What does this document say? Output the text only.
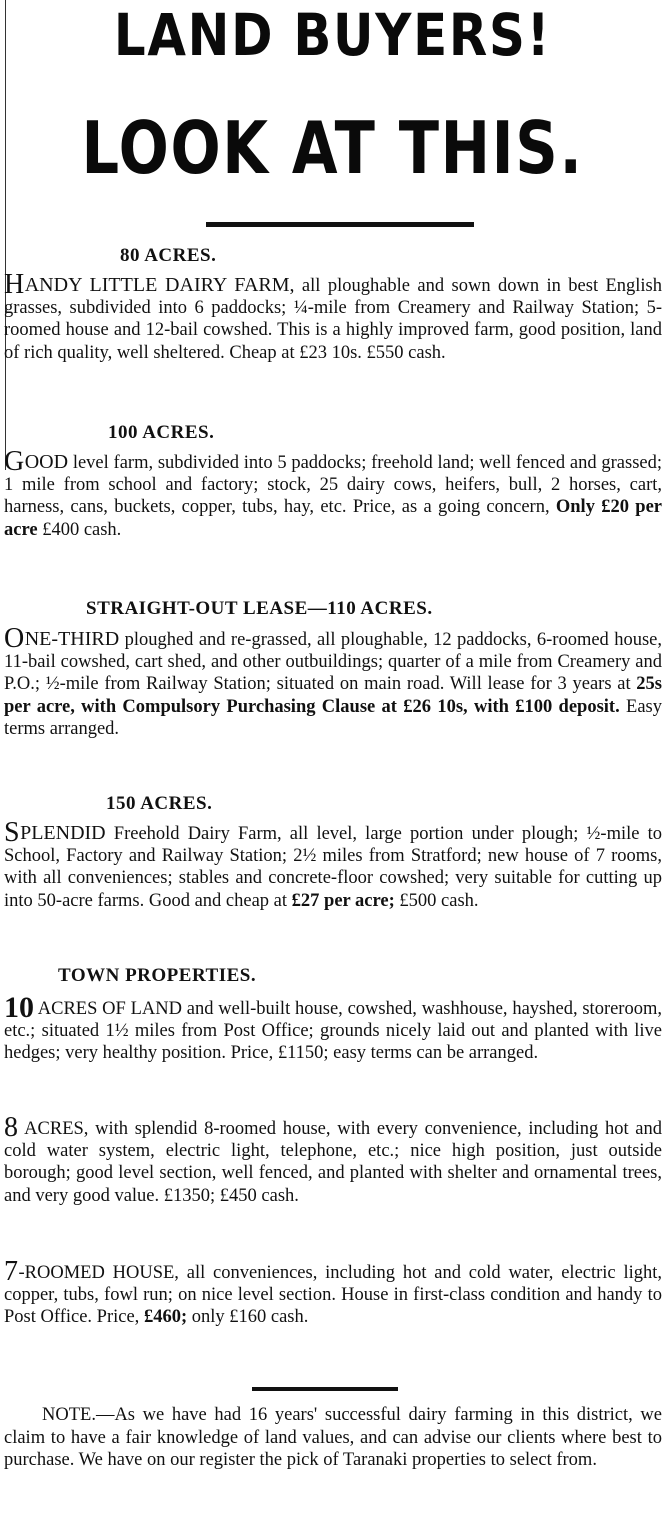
LAND BUYERS!
LOOK AT THIS.
80 ACRES.

HANDY LITTLE DAIRY FARM, all ploughable and sown down in best English grasses, subdivided into 6 paddocks; ¼-mile from Creamery and Railway Station; 5-roomed house and 12-bail cowshed. This is a highly improved farm, good position, land of rich quality, well sheltered. Cheap at £23 10s. £550 cash.

100 ACRES.

GOOD level farm, subdivided into 5 paddocks; freehold land; well fenced and grassed; 1 mile from school and factory; stock, 25 dairy cows, heifers, bull, 2 horses, cart, harness, cans, buckets, copper, tubs, hay, etc. Price, as a going concern, Only £20 per acre £400 cash.

STRAIGHT-OUT LEASE—110 ACRES.

ONE-THIRD ploughed and re-grassed, all ploughable, 12 paddocks, 6-roomed house, 11-bail cowshed, cart shed, and other outbuildings; quarter of a mile from Creamery and P.O.; ½-mile from Railway Station; situated on main road. Will lease for 3 years at 25s per acre, with Compulsory Purchasing Clause at £26 10s, with £100 deposit. Easy terms arranged.

150 ACRES.

SPLENDID Freehold Dairy Farm, all level, large portion under plough; ½-mile to School, Factory and Railway Station; 2½ miles from Stratford; new house of 7 rooms, with all conveniences; stables and concrete-floor cowshed; very suitable for cutting up into 50-acre farms. Good and cheap at £27 per acre; £500 cash.

TOWN PROPERTIES.

10 ACRES OF LAND and well-built house, cowshed, washhouse, hayshed, storeroom, etc.; situated 1½ miles from Post Office; grounds nicely laid out and planted with live hedges; very healthy position. Price, £1150; easy terms can be arranged.

8 ACRES, with splendid 8-roomed house, with every convenience, including hot and cold water system, electric light, telephone, etc.; nice high position, just outside borough; good level section, well fenced, and planted with shelter and ornamental trees, and very good value. £1350; £450 cash.

7-ROOMED HOUSE, all conveniences, including hot and cold water, electric light, copper, tubs, fowl run; on nice level section. House in first-class condition and handy to Post Office. Price, £460; only £160 cash.

NOTE.—As we have had 16 years' successful dairy farming in this district, we claim to have a fair knowledge of land values, and can advise our clients where best to purchase. We have on our register the pick of Taranaki properties to select from.
